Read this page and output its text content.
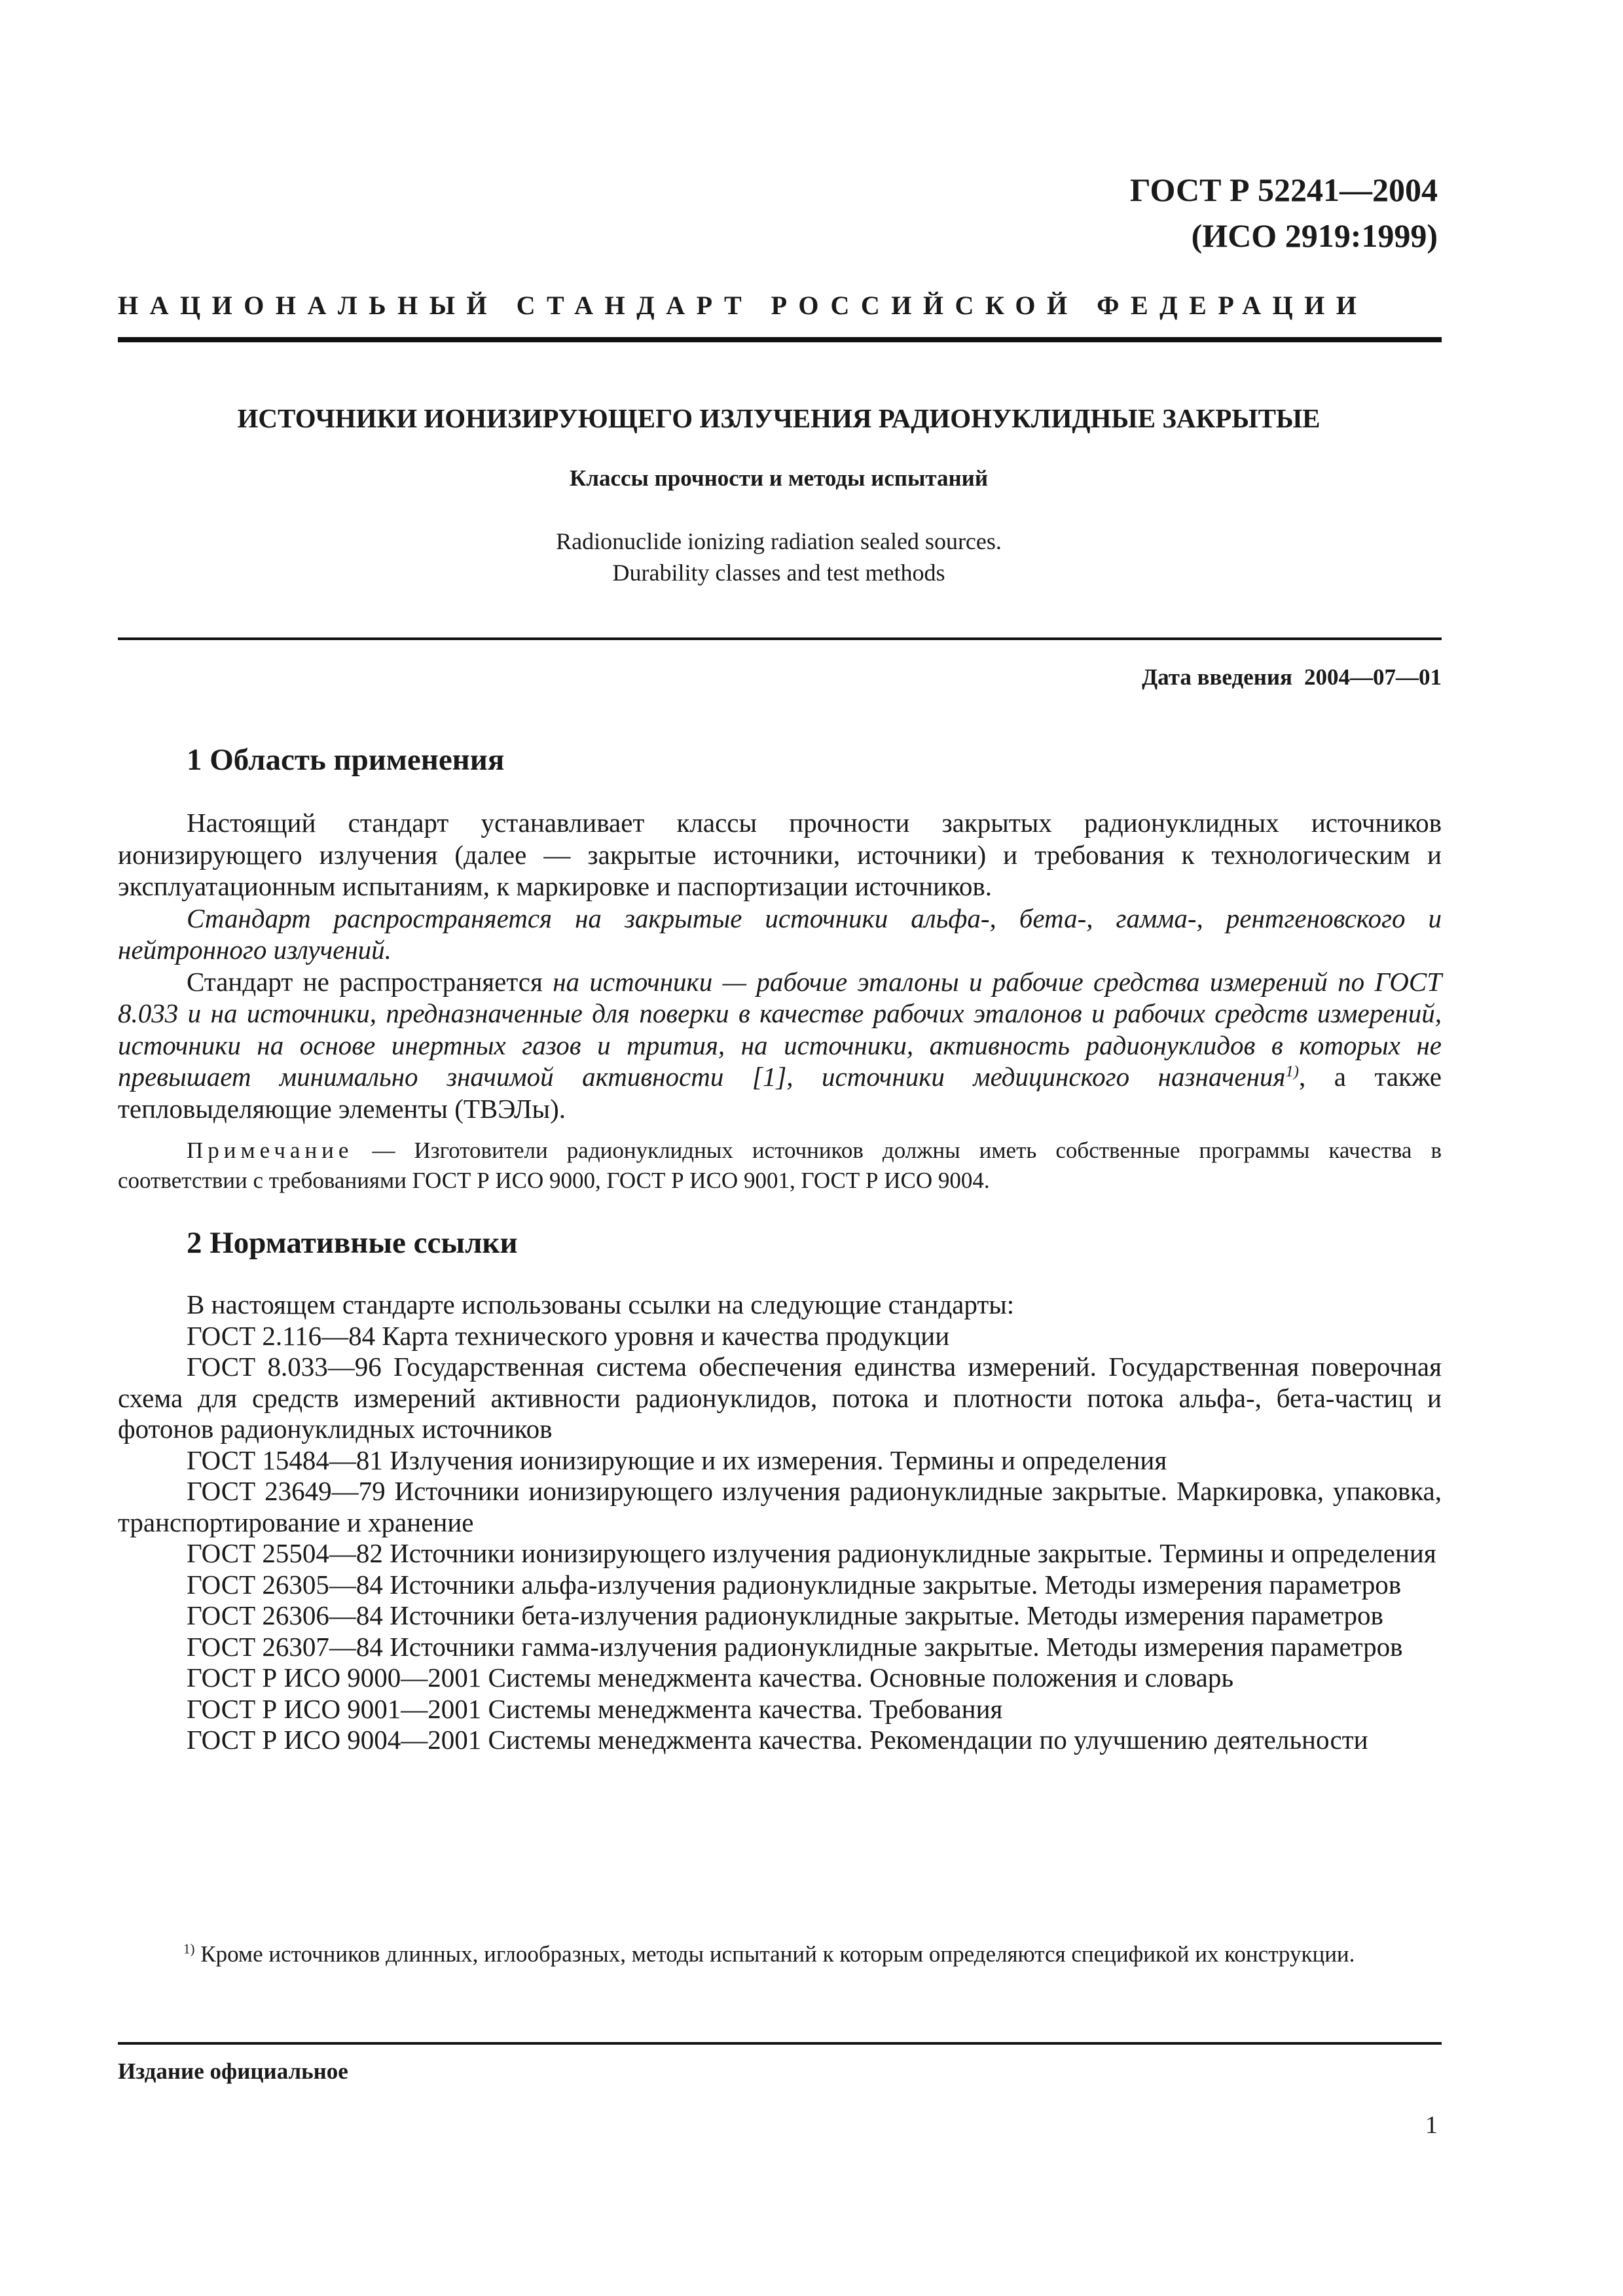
ГОСТ Р 52241—2004
(ИСО 2919:1999)
НАЦИОНАЛЬНЫЙ СТАНДАРТ РОССИЙСКОЙ ФЕДЕРАЦИИ
ИСТОЧНИКИ ИОНИЗИРУЮЩЕГО ИЗЛУЧЕНИЯ РАДИОНУКЛИДНЫЕ ЗАКРЫТЫЕ
Классы прочности и методы испытаний
Radionuclide ionizing radiation sealed sources.
Durability classes and test methods
Дата введения 2004—07—01
1 Область применения

Настоящий стандарт устанавливает классы прочности закрытых радионуклидных источников ионизирующего излучения (далее — закрытые источники, источники) и требования к технологическим и эксплуатационным испытаниям, к маркировке и паспортизации источников.

Стандарт распространяется на закрытые источники альфа-, бета-, гамма-, рентгеновского и нейтронного излучений.

Стандарт не распространяется на источники — рабочие эталоны и рабочие средства измерений по ГОСТ 8.033 и на источники, предназначенные для поверки в качестве рабочих эталонов и рабочих средств измерений, источники на основе инертных газов и трития, на источники, активность радионуклидов в которых не превышает минимально значимой активности [1], источники медицинского назначения$^{1)}$, а также тепловыделяющие элементы (ТВЭЛы).

Примечание — Изготовители радионуклидных источников должны иметь собственные программы качества в соответствии с требованиями ГОСТ Р ИСО 9000, ГОСТ Р ИСО 9001, ГОСТ Р ИСО 9004.
2 Нормативные ссылки
В настоящем стандарте использованы ссылки на следующие стандарты:
ГОСТ 2.116—84 Карта технического уровня и качества продукции
ГОСТ 8.033—96 Государственная система обеспечения единства измерений. Государственная поверочная схема для средств измерений активности радионуклидов, потока и плотности потока альфа-, бета-частиц и фотонов радионуклидных источников
ГОСТ 15484—81 Излучения ионизирующие и их измерения. Термины и определения
ГОСТ 23649—79 Источники ионизирующего излучения радионуклидные закрытые. Маркировка, упаковка, транспортирование и хранение
ГОСТ 25504—82 Источники ионизирующего излучения радионуклидные закрытые. Термины и определения
ГОСТ 26305—84 Источники альфа-излучения радионуклидные закрытые. Методы измерения параметров
ГОСТ 26306—84 Источники бета-излучения радионуклидные закрытые. Методы измерения параметров
ГОСТ 26307—84 Источники гамма-излучения радионуклидные закрытые. Методы измерения параметров
ГОСТ Р ИСО 9000—2001 Системы менеджмента качества. Основные положения и словарь
ГОСТ Р ИСО 9001—2001 Системы менеджмента качества. Требования
ГОСТ Р ИСО 9004—2001 Системы менеджмента качества. Рекомендации по улучшению деятельности
$^{1)}$ Кроме источников длинных, иглообразных, методы испытаний к которым определяются спецификой их конструкции.
Издание официальное
1
